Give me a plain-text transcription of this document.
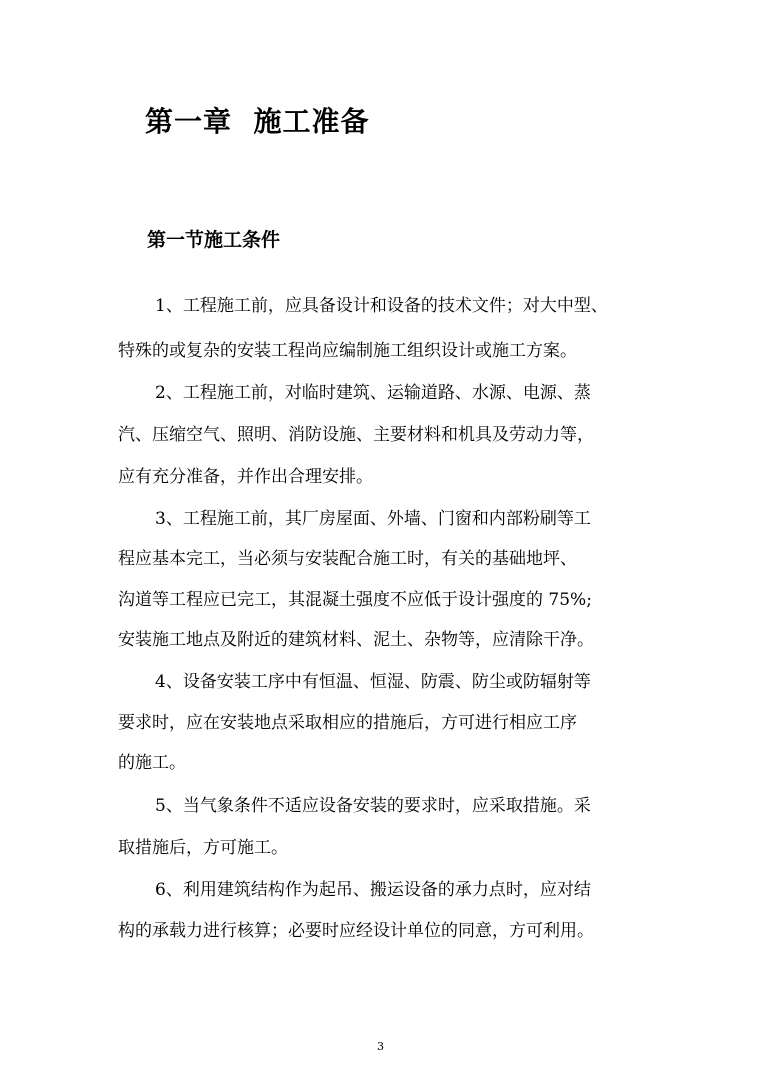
第一章  施工准备
第一节施工条件

1、工程施工前，应具备设计和设备的技术文件；对大中型、

特殊的或复杂的安装工程尚应编制施工组织设计或施工方案。

2、工程施工前，对临时建筑、运输道路、水源、电源、蒸

汽、压缩空气、照明、消防设施、主要材料和机具及劳动力等，

应有充分准备，并作出合理安排。

3、工程施工前，其厂房屋面、外墙、门窗和内部粉刷等工

程应基本完工，当必须与安装配合施工时，有关的基础地坪、

沟道等工程应已完工，其混凝土强度不应低于设计强度的 75%;

安装施工地点及附近的建筑材料、泥土、杂物等，应清除干净。

4、设备安装工序中有恒温、恒湿、防震、防尘或防辐射等

要求时，应在安装地点采取相应的措施后，方可进行相应工序

的施工。

5、当气象条件不适应设备安装的要求时，应采取措施。采

取措施后，方可施工。

6、利用建筑结构作为起吊、搬运设备的承力点时，应对结

构的承载力进行核算；必要时应经设计单位的同意，方可利用。

3
